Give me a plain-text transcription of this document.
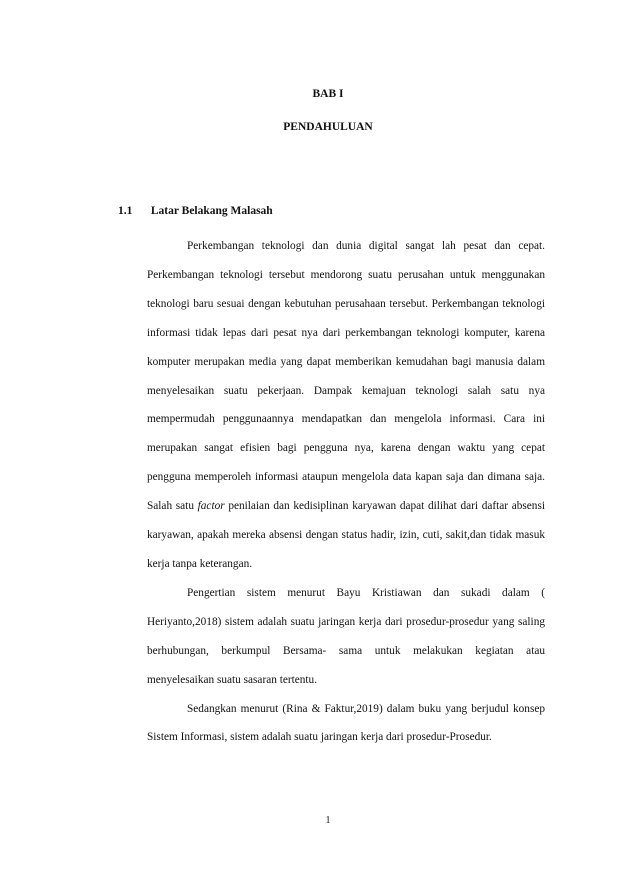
BAB I
PENDAHULUAN
1.1 Latar Belakang Malasah

Perkembangan teknologi dan dunia digital sangat lah pesat dan cepat. Perkembangan teknologi tersebut mendorong suatu perusahan untuk menggunakan teknologi baru sesuai dengan kebutuhan perusahaan tersebut. Perkembangan teknologi informasi tidak lepas dari pesat nya dari perkembangan teknologi komputer, karena komputer merupakan media yang dapat memberikan kemudahan bagi manusia dalam menyelesaikan suatu pekerjaan. Dampak kemajuan teknologi salah satu nya mempermudah penggunaannya mendapatkan dan mengelola informasi. Cara ini merupakan sangat efisien bagi pengguna nya, karena dengan waktu yang cepat pengguna memperoleh informasi ataupun mengelola data kapan saja dan dimana saja. Salah satu factor penilaian dan kedisiplinan karyawan dapat dilihat dari daftar absensi karyawan, apakah mereka absensi dengan status hadir, izin, cuti, sakit,dan tidak masuk kerja tanpa keterangan.

Pengertian sistem menurut Bayu Kristiawan dan sukadi dalam ( Heriyanto,2018) sistem adalah suatu jaringan kerja dari prosedur-prosedur yang saling berhubungan, berkumpul Bersama- sama untuk melakukan kegiatan atau menyelesaikan suatu sasaran tertentu.

Sedangkan menurut (Rina & Faktur,2019) dalam buku yang berjudul konsep Sistem Informasi, sistem adalah suatu jaringan kerja dari prosedur-Prosedur.

1
